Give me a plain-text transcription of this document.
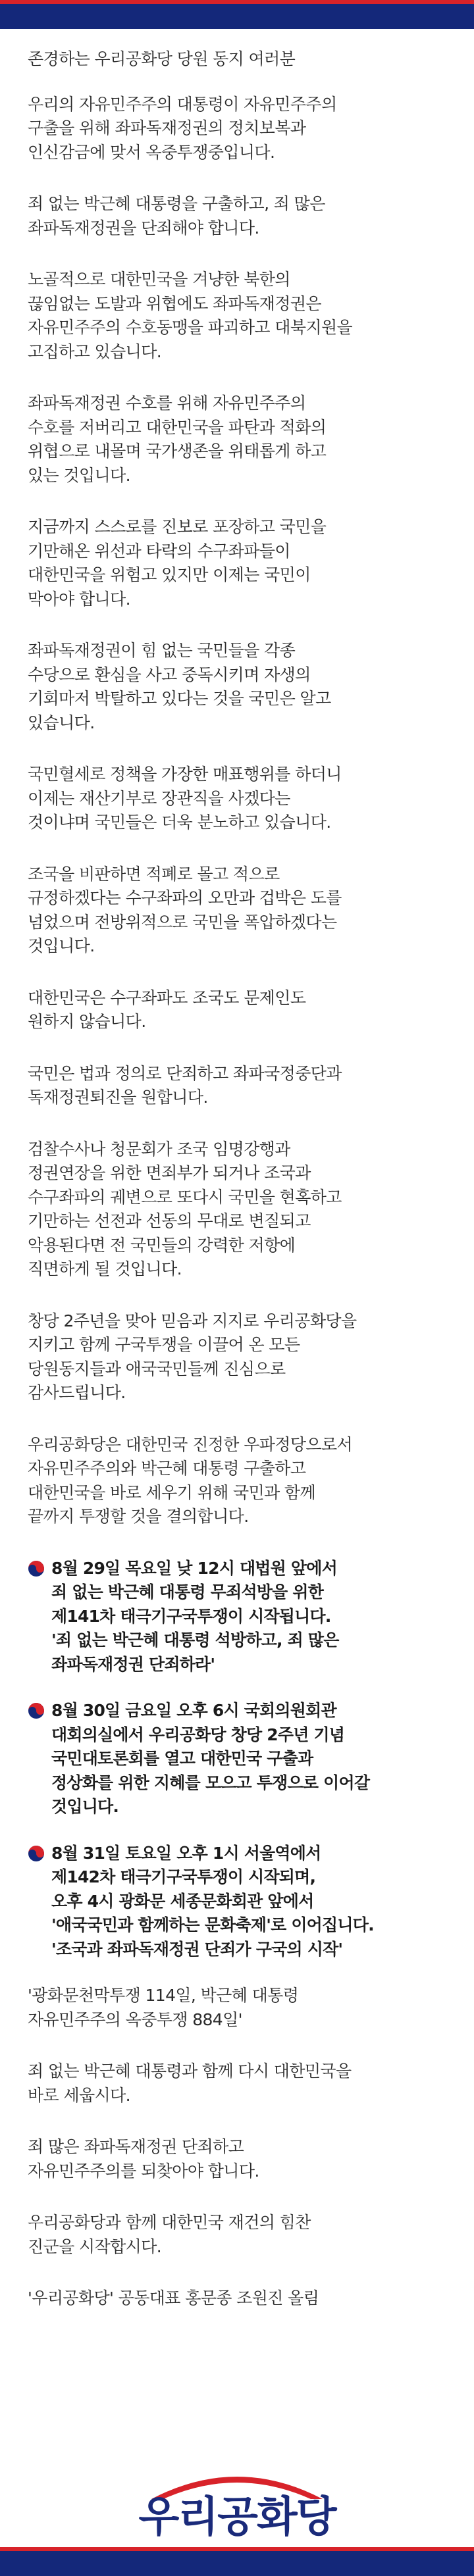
존경하는 우리공화당 당원 동지 여러분
우리의 자유민주주의 대통령이 자유민주주의
구출을 위해 좌파독재정권의 정치보복과
인신감금에 맞서 옥중투쟁중입니다.
죄 없는 박근혜 대통령을 구출하고, 죄 많은
좌파독재정권을 단죄해야 합니다.
노골적으로 대한민국을 겨냥한 북한의
끊임없는 도발과 위협에도 좌파독재정권은
자유민주주의 수호동맹을 파괴하고 대북지원을
고집하고 있습니다.
좌파독재정권 수호를 위해 자유민주주의
수호를 저버리고 대한민국을 파탄과 적화의
위협으로 내몰며 국가생존을 위태롭게 하고
있는 것입니다.
지금까지 스스로를 진보로 포장하고 국민을
기만해온 위선과 타락의 수구좌파들이
대한민국을 위험고 있지만 이제는 국민이
막아야 합니다.
좌파독재정권이 힘 없는 국민들을 각종
수당으로 환심을 사고 중독시키며 자생의
기회마저 박탈하고 있다는 것을 국민은 알고
있습니다.
국민혈세로 정책을 가장한 매표행위를 하더니
이제는 재산기부로 장관직을 사겠다는
것이냐며 국민들은 더욱 분노하고 있습니다.
조국을 비판하면 적폐로 몰고 적으로
규정하겠다는 수구좌파의 오만과 겁박은 도를
넘었으며 전방위적으로 국민을 폭압하겠다는
것입니다.
대한민국은 수구좌파도 조국도 문제인도
원하지 않습니다.
국민은 법과 정의로 단죄하고 좌파국정중단과
독재정권퇴진을 원합니다.
검찰수사나 청문회가 조국 임명강행과
정권연장을 위한 면죄부가 되거나 조국과
수구좌파의 궤변으로 또다시 국민을 현혹하고
기만하는 선전과 선동의 무대로 변질되고
악용된다면 전 국민들의 강력한 저항에
직면하게 될 것입니다.
창당 2주년을 맞아 믿음과 지지로 우리공화당을
지키고 함께 구국투쟁을 이끌어 온 모든
당원동지들과 애국국민들께 진심으로
감사드립니다.
우리공화당은 대한민국 진정한 우파정당으로서
자유민주주의와 박근혜 대통령 구출하고
대한민국을 바로 세우기 위해 국민과 함께
끝까지 투쟁할 것을 결의합니다.
8월 29일 목요일 낮 12시 대법원 앞에서
죄 없는 박근혜 대통령 무죄석방을 위한
제141차 태극기구국투쟁이 시작됩니다.
'죄 없는 박근혜 대통령 석방하고, 죄 많은
좌파독재정권 단죄하라'
8월 30일 금요일 오후 6시 국회의원회관
대회의실에서 우리공화당 창당 2주년 기념
국민대토론회를 열고 대한민국 구출과
정상화를 위한 지혜를 모으고 투쟁으로 이어갈
것입니다.
8월 31일 토요일 오후 1시 서울역에서
제142차 태극기구국투쟁이 시작되며,
오후 4시 광화문 세종문화회관 앞에서
'애국국민과 함께하는 문화축제'로 이어집니다.
'조국과 좌파독재정권 단죄가 구국의 시작'
'광화문천막투쟁 114일, 박근혜 대통령
자유민주주의 옥중투쟁 884일'
죄 없는 박근혜 대통령과 함께 다시 대한민국을
바로 세웁시다.
죄 많은 좌파독재정권 단죄하고
자유민주주의를 되찾아야 합니다.
우리공화당과 함께 대한민국 재건의 힘찬
진군을 시작합시다.
'우리공화당' 공동대표 홍문종 조원진 올림
우리공화당
